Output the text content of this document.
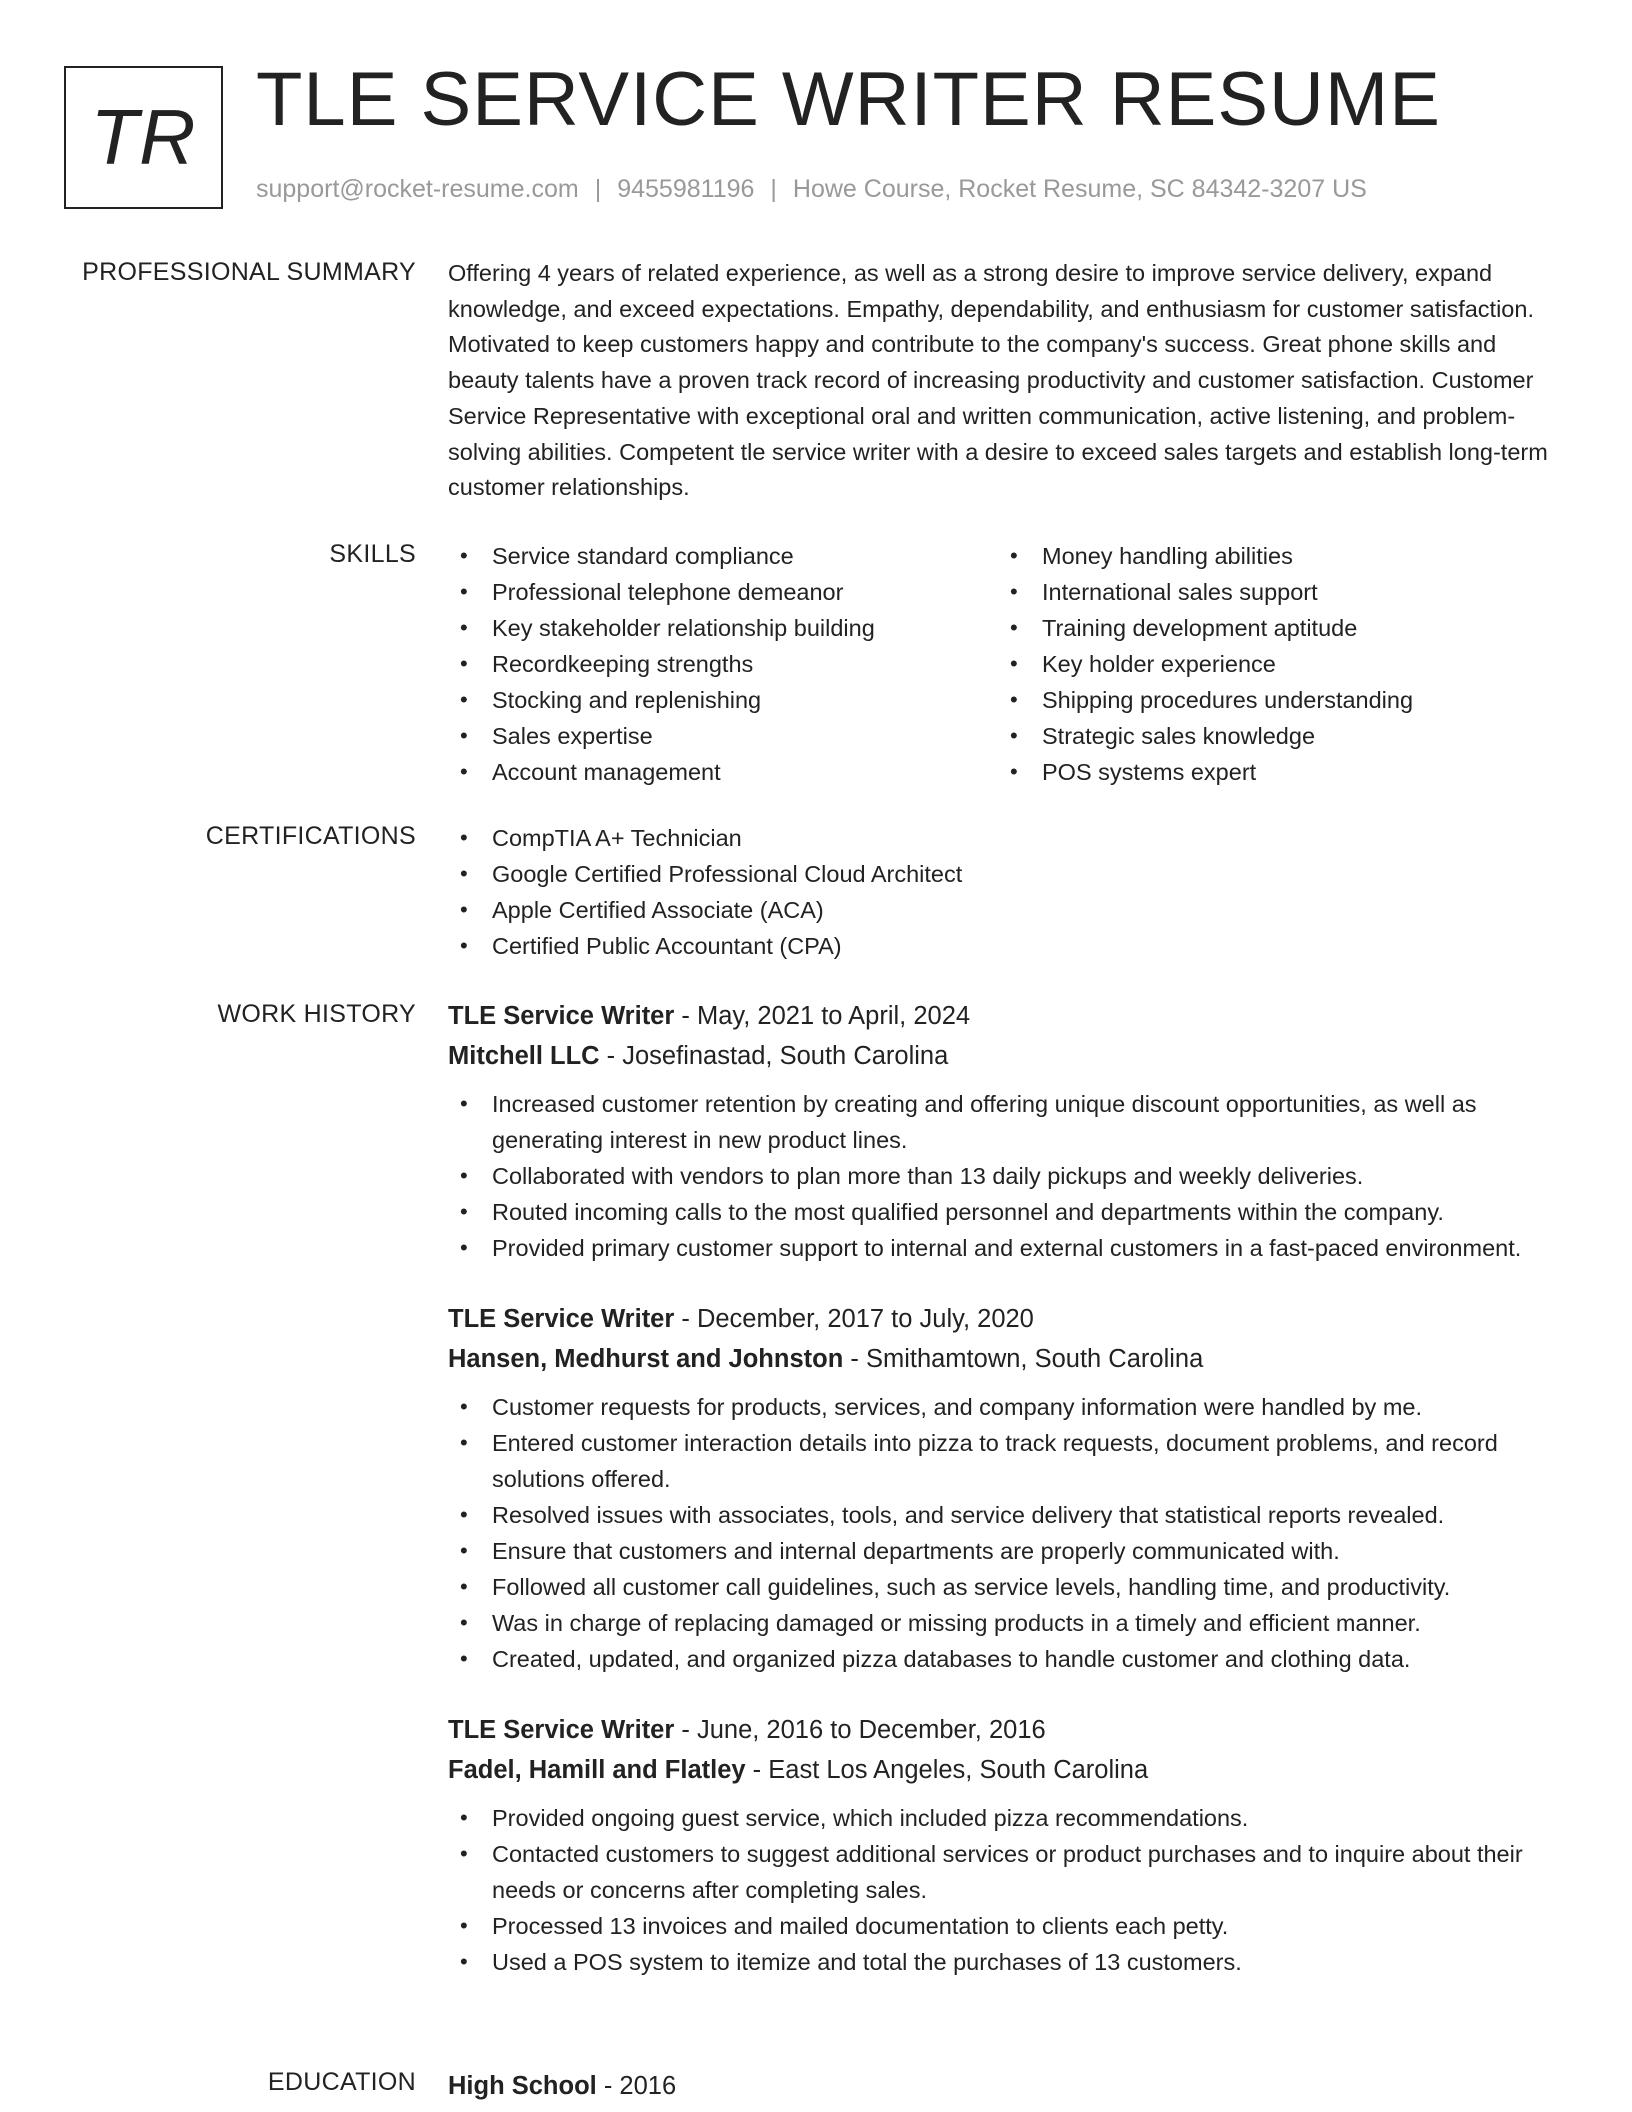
TR TLE SERVICE WRITER RESUME
support@rocket-resume.com | 9455981196 | Howe Course, Rocket Resume, SC 84342-3207 US
PROFESSIONAL SUMMARY Offering 4 years of related experience, as well as a strong desire to improve service delivery, expand knowledge, and exceed expectations. Empathy, dependability, and enthusiasm for customer satisfaction. Motivated to keep customers happy and contribute to the company's success. Great phone skills and beauty talents have a proven track record of increasing productivity and customer satisfaction. Customer Service Representative with exceptional oral and written communication, active listening, and problem-solving abilities. Competent tle service writer with a desire to exceed sales targets and establish long-term customer relationships.
SKILLS	• Service standard compliance
• Professional telephone demeanor
• Key stakeholder relationship building
• Recordkeeping strengths
• Stocking and replenishing
• Sales expertise
• Account management
• Money handling abilities
• International sales support
• Training development aptitude
• Key holder experience
• Shipping procedures understanding
• Strategic sales knowledge
• POS systems expert
CERTIFICATIONS	• CompTIA A+ Technician
• Google Certified Professional Cloud Architect
• Apple Certified Associate (ACA)
• Certified Public Accountant (CPA)
WORK HISTORY TLE Service Writer - May, 2021 to April, 2024
Mitchell LLC - Josefinastad, South Carolina
• Increased customer retention by creating and offering unique discount opportunities, as well as generating interest in new product lines.
• Collaborated with vendors to plan more than 13 daily pickups and weekly deliveries.
• Routed incoming calls to the most qualified personnel and departments within the company.
• Provided primary customer support to internal and external customers in a fast-paced environment.
TLE Service Writer - December, 2017 to July, 2020
Hansen, Medhurst and Johnston - Smithamtown, South Carolina
• Customer requests for products, services, and company information were handled by me.
• Entered customer interaction details into pizza to track requests, document problems, and record solutions offered.
• Resolved issues with associates, tools, and service delivery that statistical reports revealed.
• Ensure that customers and internal departments are properly communicated with.
• Followed all customer call guidelines, such as service levels, handling time, and productivity.
• Was in charge of replacing damaged or missing products in a timely and efficient manner.
• Created, updated, and organized pizza databases to handle customer and clothing data.
TLE Service Writer - June, 2016 to December, 2016
Fadel, Hamill and Flatley - East Los Angeles, South Carolina
• Provided ongoing guest service, which included pizza recommendations.
• Contacted customers to suggest additional services or product purchases and to inquire about their needs or concerns after completing sales.
• Processed 13 invoices and mailed documentation to clients each petty.
• Used a POS system to itemize and total the purchases of 13 customers.
EDUCATION High School - 2016
